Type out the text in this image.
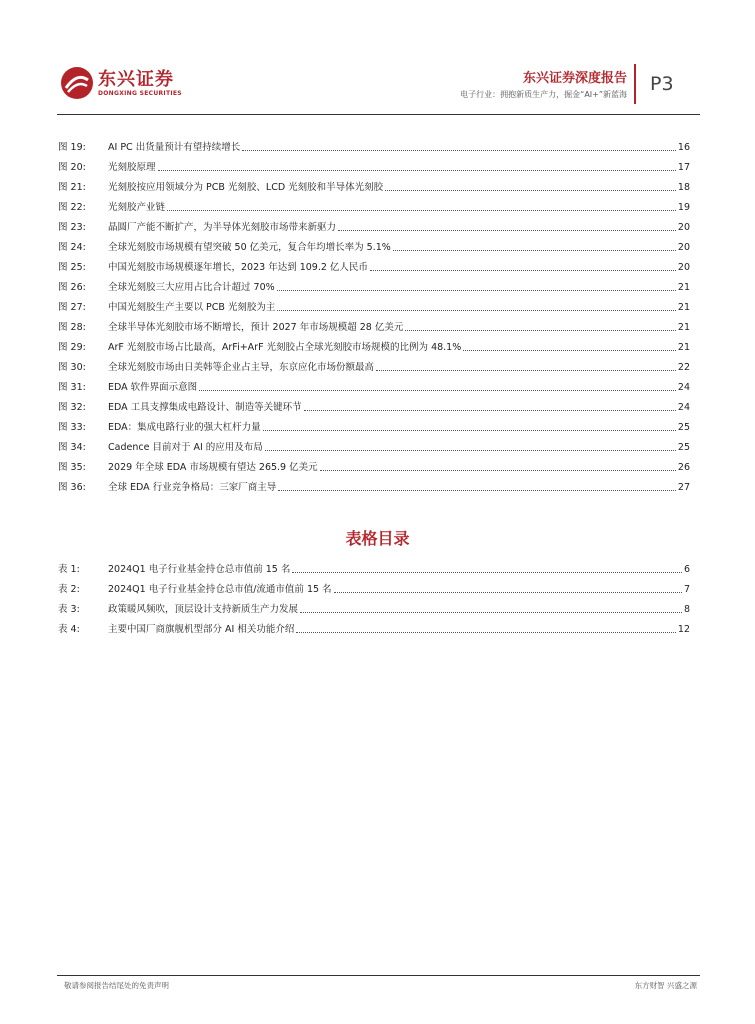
东兴证券
DONGXING SECURITIES
东兴证券深度报告
电子行业：拥抱新质生产力，掘金“AI+”新蓝海 P3
图 19:	AI PC 出货量预计有望持续增长	16
图 20:	光刻胶原理	17
图 21:	光刻胶按应用领域分为 PCB 光刻胶、LCD 光刻胶和半导体光刻胶	18
图 22:	光刻胶产业链	19
图 23:	晶圆厂产能不断扩产，为半导体光刻胶市场带来新驱力	20
图 24:	全球光刻胶市场规模有望突破 50 亿美元，复合年均增长率为 5.1%	20
图 25:	中国光刻胶市场规模逐年增长，2023 年达到 109.2 亿人民币	20
图 26:	全球光刻胶三大应用占比合计超过 70%	21
图 27:	中国光刻胶生产主要以 PCB 光刻胶为主	21
图 28:	全球半导体光刻胶市场不断增长，预计 2027 年市场规模超 28 亿美元	21
图 29:	ArF 光刻胶市场占比最高，ArFi+ArF 光刻胶占全球光刻胶市场规模的比例为 48.1%	21
图 30:	全球光刻胶市场由日美韩等企业占主导，东京应化市场份额最高	22
图 31:	EDA 软件界面示意图	24
图 32:	EDA 工具支撑集成电路设计、制造等关键环节	24
图 33:	EDA：集成电路行业的强大杠杆力量	25
图 34:	Cadence 目前对于 AI 的应用及布局	25
图 35:	2029 年全球 EDA 市场规模有望达 265.9 亿美元	26
图 36:	全球 EDA 行业竞争格局：三家厂商主导	27
表格目录
表 1:	2024Q1 电子行业基金持仓总市值前 15 名	6
表 2:	2024Q1 电子行业基金持仓总市值/流通市值前 15 名	7
表 3:	政策暖风频吹，顶层设计支持新质生产力发展	8
表 4:	主要中国厂商旗舰机型部分 AI 相关功能介绍	12
敬请参阅报告结尾处的免责声明	东方财智 兴盛之源
